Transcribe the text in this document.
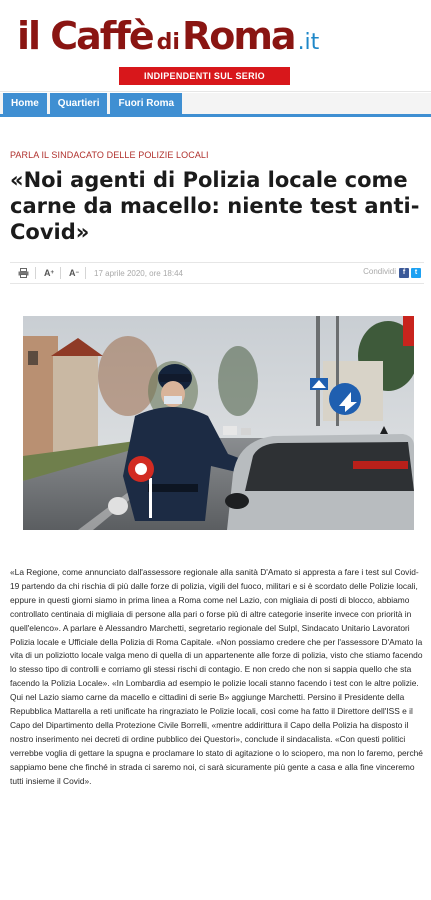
il Caffè di Roma .it
INDIPENDENTI SUL SERIO
Home	Quartieri	Fuori Roma
PARLA IL SINDACATO DELLE POLIZIE LOCALI
«Noi agenti di Polizia locale come carne da macello: niente test anti-Covid»
A + A − 17 aprile 2020, ore 18:44	Condividi f	t
«La Regione, come annunciato dall'assessore regionale alla sanità D'Amato si appresta a fare i test sul Covid-19 partendo da chi rischia di più dalle forze di polizia, vigili del fuoco, militari e si è scordato delle Polizie locali, eppure in questi giorni siamo in prima linea a Roma come nel Lazio, con migliaia di posti di blocco, abbiamo controllato centinaia di migliaia di persone alla pari o forse più di altre categorie inserite invece con priorità in quell'elenco». A parlare è Alessandro Marchetti, segretario regionale del Sulpl, Sindacato Unitario Lavoratori Polizia locale e Ufficiale della Polizia di Roma Capitale. «Non possiamo credere che per l'assessore D'Amato la vita di un poliziotto locale valga meno di quella di un appartenente alle forze di polizia, visto che stiamo facendo lo stesso tipo di controlli e corriamo gli stessi rischi di contagio. E non credo che non si sappia quello che sta facendo la Polizia Locale». «In Lombardia ad esempio le polizie locali stanno facendo i test con le altre polizie. Qui nel Lazio siamo carne da macello e cittadini di serie B» aggiunge Marchetti. Persino il Presidente della Repubblica Mattarella a reti unificate ha ringraziato le Polizie locali, così come ha fatto il Direttore dell'ISS e il Capo del Dipartimento della Protezione Civile Borrelli, «mentre addirittura il Capo della Polizia ha disposto il nostro inserimento nei decreti di ordine pubblico dei Questori», conclude il sindacalista. «Con questi politici verrebbe voglia di gettare la spugna e proclamare lo stato di agitazione o lo sciopero, ma non lo faremo, perché sappiamo bene che finché in strada ci saremo noi, ci sarà sicuramente più gente a casa e alla fine vinceremo tutti insieme il Covid».
